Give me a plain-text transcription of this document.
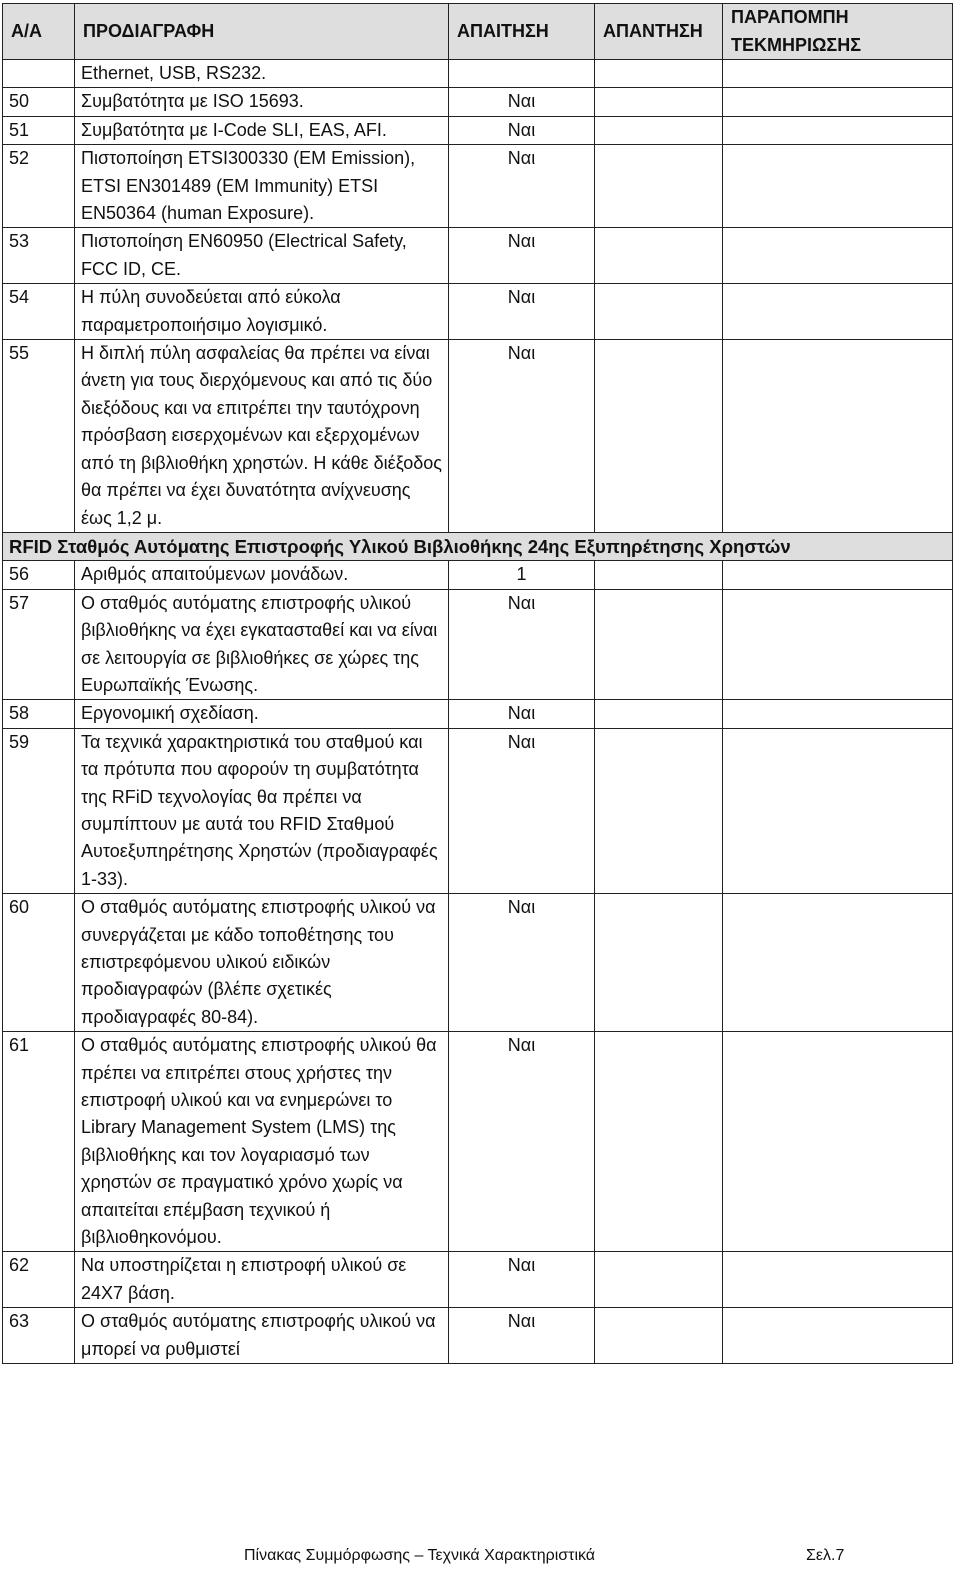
Α/Α	ΠΡΟΔΙΑΓΡΑΦΗ	ΑΠΑΙΤΗΣΗ	ΑΠΑΝΤΗΣΗ	ΠΑΡΑΠΟΜΠΗ ΤΕΚΜΗΡΙΩΣΗΣ
	Ethernet, USB, RS232.			
50	Συμβατότητα με ISO 15693.	Ναι		
51	Συμβατότητα με I-Code SLI, EAS, AFI.	Ναι		
52	Πιστοποίηση ETSI300330 (EM Emission), ETSI EN301489 (EM Immunity) ETSI EN50364 (human Exposure).	Ναι		
53	Πιστοποίηση EN60950 (Electrical Safety, FCC ID, CE.	Ναι		
54	Η πύλη συνοδεύεται από εύκολα παραμετροποιήσιμο λογισμικό.	Ναι		
55	Η διπλή πύλη ασφαλείας θα πρέπει να είναι άνετη για τους διερχόμενους και από τις δύο διεξόδους και να επιτρέπει την ταυτόχρονη πρόσβαση εισερχομένων και εξερχομένων από τη βιβλιοθήκη χρηστών. Η κάθε διέξοδος θα πρέπει να έχει δυνατότητα ανίχνευσης έως 1,2 μ.	Ναι		
RFID Σταθμός Αυτόματης Επιστροφής Υλικού Βιβλιοθήκης 24ης Εξυπηρέτησης Χρηστών				
56	Αριθμός απαιτούμενων μονάδων.	1		
57	Ο σταθμός αυτόματης επιστροφής υλικού βιβλιοθήκης να έχει εγκατασταθεί και να είναι σε λειτουργία σε βιβλιοθήκες σε χώρες της Ευρωπαϊκής Ένωσης.	Ναι		
58	Εργονομική σχεδίαση.	Ναι		
59	Τα τεχνικά χαρακτηριστικά του σταθμού και τα πρότυπα που αφορούν τη συμβατότητα της RFiD τεχνολογίας θα πρέπει να συμπίπτουν με αυτά του RFID Σταθμού Αυτοεξυπηρέτησης Χρηστών (προδιαγραφές 1-33).	Ναι		
60	Ο σταθμός αυτόματης επιστροφής υλικού να συνεργάζεται με κάδο τοποθέτησης του επιστρεφόμενου υλικού ειδικών προδιαγραφών (βλέπε σχετικές προδιαγραφές 80-84).	Ναι		
61	Ο σταθμός αυτόματης επιστροφής υλικού θα πρέπει να επιτρέπει στους χρήστες την επιστροφή υλικού και να ενημερώνει το Library Management System (LMS) της βιβλιοθήκης και τον λογαριασμό των χρηστών σε πραγματικό χρόνο χωρίς να απαιτείται επέμβαση τεχνικού ή βιβλιοθηκονόμου.	Ναι		
62	Να υποστηρίζεται η επιστροφή υλικού σε 24Χ7 βάση.	Ναι		
63	Ο σταθμός αυτόματης επιστροφής υλικού να μπορεί να ρυθμιστεί	Ναι		
Πίνακας Συμμόρφωσης – Τεχνικά Χαρακτηριστικά	Σελ.7
